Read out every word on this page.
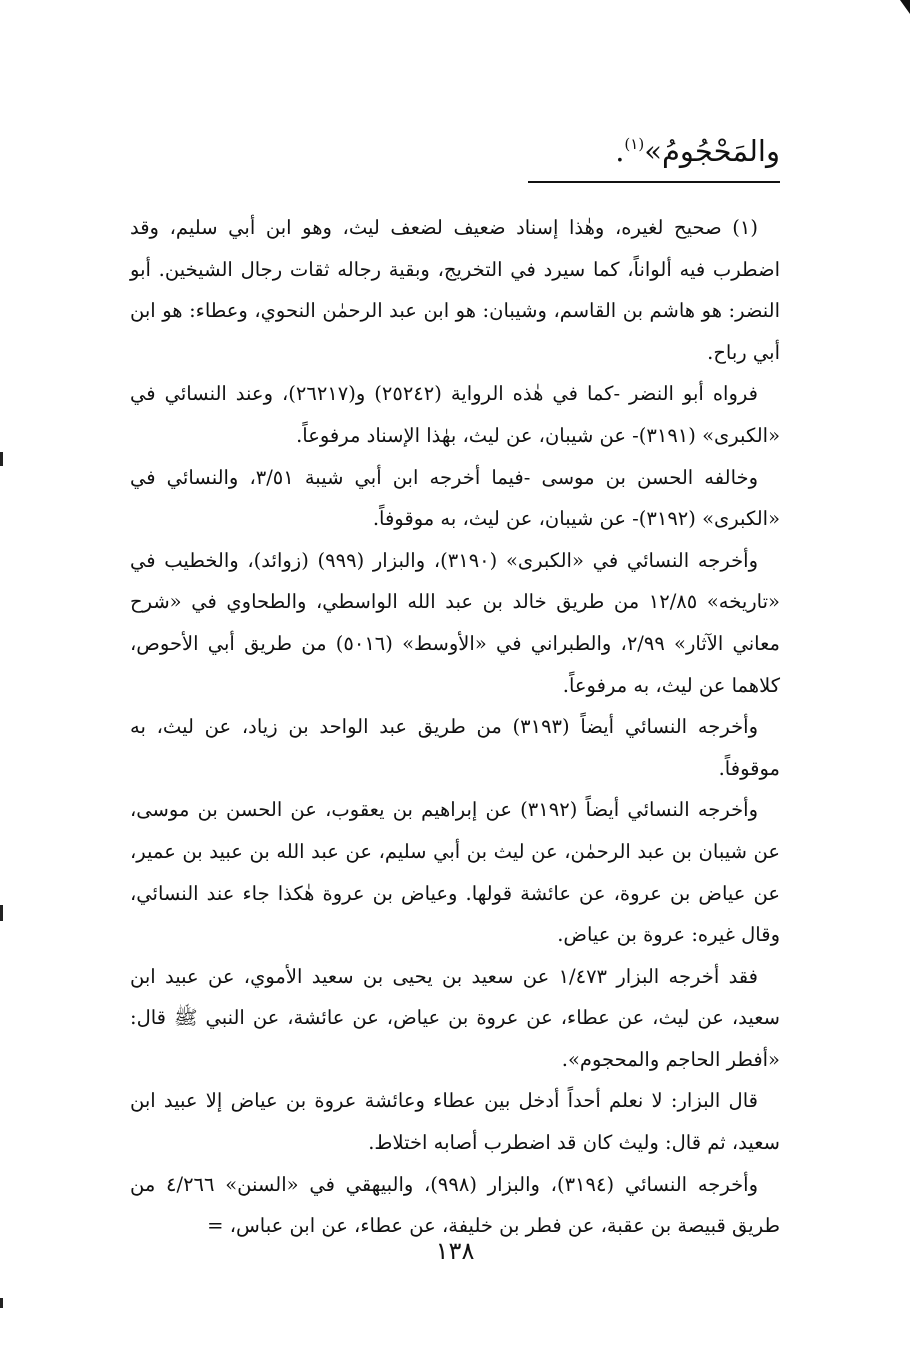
والمَحْجُومُ»$^{(١)}$.

(١) صحيح لغيره، وهٰذا إسناد ضعيف لضعف ليث، وهو ابن أبي سليم، وقد اضطرب فيه ألواناً، كما سيرد في التخريج، وبقية رجاله ثقات رجال الشيخين. أبو النضر: هو هاشم بن القاسم، وشيبان: هو ابن عبد الرحمٰن النحوي، وعطاء: هو ابن أبي رباح.

فرواه أبو النضر -كما في هٰذه الرواية (٢٥٢٤٢) و(٢٦٢١٧)، وعند النسائي في «الكبرى» (٣١٩١)- عن شيبان، عن ليث، بهٰذا الإسناد مرفوعاً.

وخالفه الحسن بن موسى -فيما أخرجه ابن أبي شيبة ٣/٥١، والنسائي في «الكبرى» (٣١٩٢)- عن شيبان، عن ليث، به موقوفاً.

وأخرجه النسائي في «الكبرى» (٣١٩٠)، والبزار (٩٩٩) (زوائد)، والخطيب في «تاريخه» ١٢/٨٥ من طريق خالد بن عبد الله الواسطي، والطحاوي في «شرح معاني الآثار» ٢/٩٩، والطبراني في «الأوسط» (٥٠١٦) من طريق أبي الأحوص، كلاهما عن ليث، به مرفوعاً.

وأخرجه النسائي أيضاً (٣١٩٣) من طريق عبد الواحد بن زياد، عن ليث، به موقوفاً.

وأخرجه النسائي أيضاً (٣١٩٢) عن إبراهيم بن يعقوب، عن الحسن بن موسى، عن شيبان بن عبد الرحمٰن، عن ليث بن أبي سليم، عن عبد الله بن عبيد بن عمير، عن عياض بن عروة، عن عائشة قولها. وعياض بن عروة هٰكذا جاء عند النسائي، وقال غيره: عروة بن عياض.

فقد أخرجه البزار ١/٤٧٣ عن سعيد بن يحيى بن سعيد الأموي، عن عبيد ابن سعيد، عن ليث، عن عطاء، عن عروة بن عياض، عن عائشة، عن النبي ﷺ قال: «أفطر الحاجم والمحجوم».

قال البزار: لا نعلم أحداً أدخل بين عطاء وعائشة عروة بن عياض إلا عبيد ابن سعيد، ثم قال: وليث كان قد اضطرب أصابه اختلاط.

وأخرجه النسائي (٣١٩٤)، والبزار (٩٩٨)، والبيهقي في «السنن» ٤/٢٦٦ من طريق قبيصة بن عقبة، عن فطر بن خليفة، عن عطاء، عن ابن عباس، =

١٣٨
